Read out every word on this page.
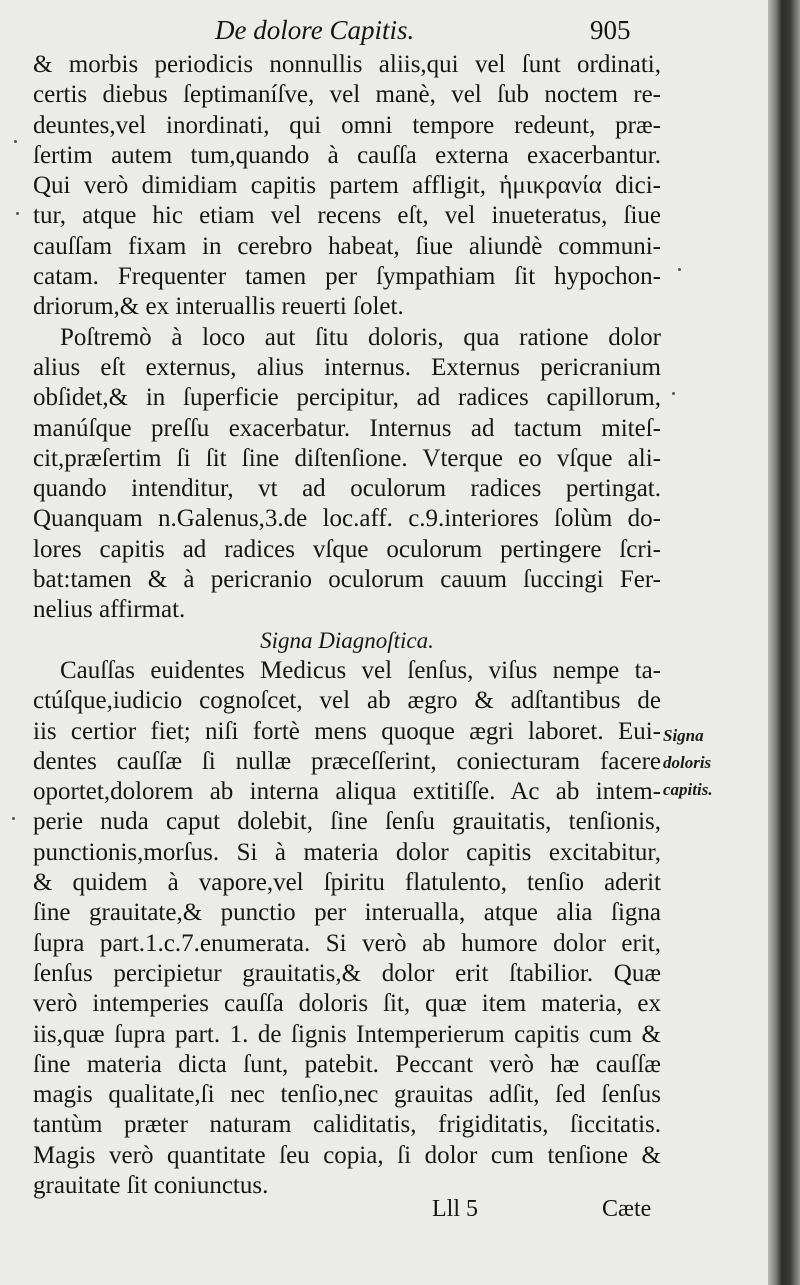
De dolore Capitis.	905
& morbis periodicis nonnullis aliis,qui vel ſunt ordinati,
certis diebus ſeptimaníſve, vel manè, vel ſub noctem re-
deuntes,vel inordinati, qui omni tempore redeunt, præ-
ſertim autem tum,quando à cauſſa externa exacerbantur.
Qui verò dimidiam capitis partem affligit, ἡμικρανία dici-
tur, atque hic etiam vel recens eſt, vel inueteratus, ſiue
cauſſam fixam in cerebro habeat, ſiue aliundè communi-
catam. Frequenter tamen per ſympathiam ſit hypochon-
driorum,& ex interuallis reuerti ſolet.
Poſtremò à loco aut ſitu doloris, qua ratione dolor
alius eſt externus, alius internus. Externus pericranium
obſidet,& in ſuperficie percipitur, ad radices capillorum,
manúſque preſſu exacerbatur. Internus ad tactum miteſ-
cit,præſertim ſi ſit ſine diſtenſione. Vterque eo vſque ali-
quando intenditur, vt ad oculorum radices pertingat.
Quanquam n.Galenus,3.de loc.aff. c.9.interiores ſolùm do-
lores capitis ad radices vſque oculorum pertingere ſcri-
bat:tamen & à pericranio oculorum cauum ſuccingi Fer-
nelius affirmat.
Signa Diagnoſtica.
Cauſſas euidentes Medicus vel ſenſus, viſus nempe ta-
ctúſque,iudicio cognoſcet, vel ab ægro & adſtantibus de
iis certior fiet; niſi fortè mens quoque ægri laboret. Eui-
dentes cauſſæ ſi nullæ præceſſerint, coniecturam facere
oportet,dolorem ab interna aliqua extitiſſe. Ac ab intem-
perie nuda caput dolebit, ſine ſenſu grauitatis, tenſionis,
punctionis,morſus. Si à materia dolor capitis excitabitur,
& quidem à vapore,vel ſpiritu flatulento, tenſio aderit
ſine grauitate,& punctio per interualla, atque alia ſigna
ſupra part.1.c.7.enumerata. Si verò ab humore dolor erit,
ſenſus percipietur grauitatis,& dolor erit ſtabilior. Quæ
verò intemperies cauſſa doloris ſit, quæ item materia, ex
iis,quæ ſupra part. 1. de ſignis Intemperierum capitis cum &
ſine materia dicta ſunt, patebit. Peccant verò hæ cauſſæ
magis qualitate,ſi nec tenſio,nec grauitas adſit, ſed ſenſus
tantùm præter naturam caliditatis, frigiditatis, ſiccitatis.
Magis verò quantitate ſeu copia, ſi dolor cum tenſione &
grauitate ſit coniunctus.
Signa
doloris
capitis.
Lll 5	Cæte
